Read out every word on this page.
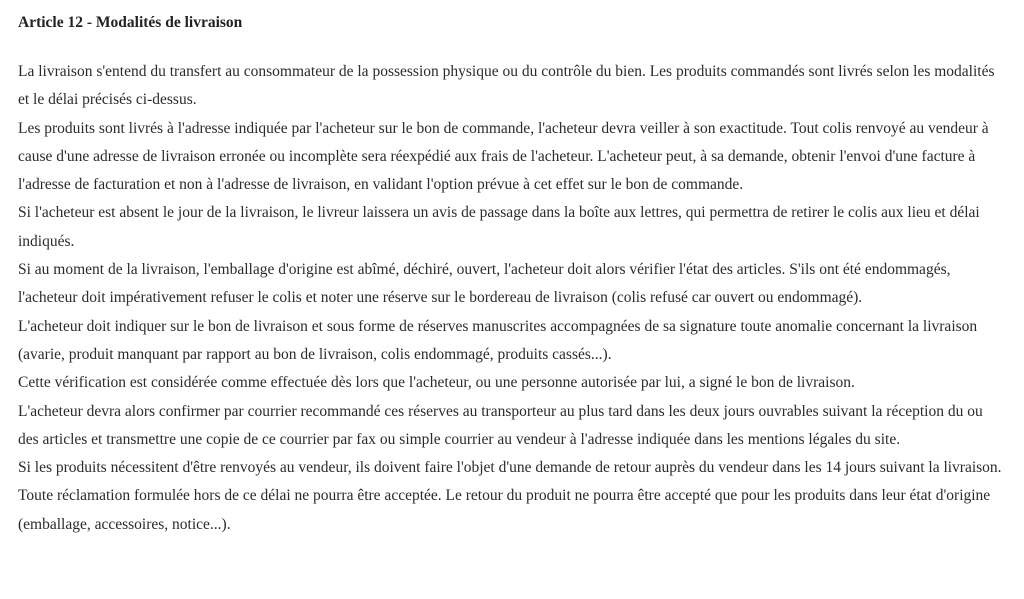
Article 12 - Modalités de livraison

La livraison s'entend du transfert au consommateur de la possession physique ou du contrôle du bien. Les produits commandés sont livrés selon les modalités et le délai précisés ci-dessus.

Les produits sont livrés à l'adresse indiquée par l'acheteur sur le bon de commande, l'acheteur devra veiller à son exactitude. Tout colis renvoyé au vendeur à cause d'une adresse de livraison erronée ou incomplète sera réexpédié aux frais de l'acheteur. L'acheteur peut, à sa demande, obtenir l'envoi d'une facture à l'adresse de facturation et non à l'adresse de livraison, en validant l'option prévue à cet effet sur le bon de commande.

Si l'acheteur est absent le jour de la livraison, le livreur laissera un avis de passage dans la boîte aux lettres, qui permettra de retirer le colis aux lieu et délai indiqués.

Si au moment de la livraison, l'emballage d'origine est abîmé, déchiré, ouvert, l'acheteur doit alors vérifier l'état des articles. S'ils ont été endommagés, l'acheteur doit impérativement refuser le colis et noter une réserve sur le bordereau de livraison (colis refusé car ouvert ou endommagé).

L'acheteur doit indiquer sur le bon de livraison et sous forme de réserves manuscrites accompagnées de sa signature toute anomalie concernant la livraison (avarie, produit manquant par rapport au bon de livraison, colis endommagé, produits cassés...).

Cette vérification est considérée comme effectuée dès lors que l'acheteur, ou une personne autorisée par lui, a signé le bon de livraison.

L'acheteur devra alors confirmer par courrier recommandé ces réserves au transporteur au plus tard dans les deux jours ouvrables suivant la réception du ou des articles et transmettre une copie de ce courrier par fax ou simple courrier au vendeur à l'adresse indiquée dans les mentions légales du site.

Si les produits nécessitent d'être renvoyés au vendeur, ils doivent faire l'objet d'une demande de retour auprès du vendeur dans les 14 jours suivant la livraison. Toute réclamation formulée hors de ce délai ne pourra être acceptée. Le retour du produit ne pourra être accepté que pour les produits dans leur état d'origine (emballage, accessoires, notice...).
